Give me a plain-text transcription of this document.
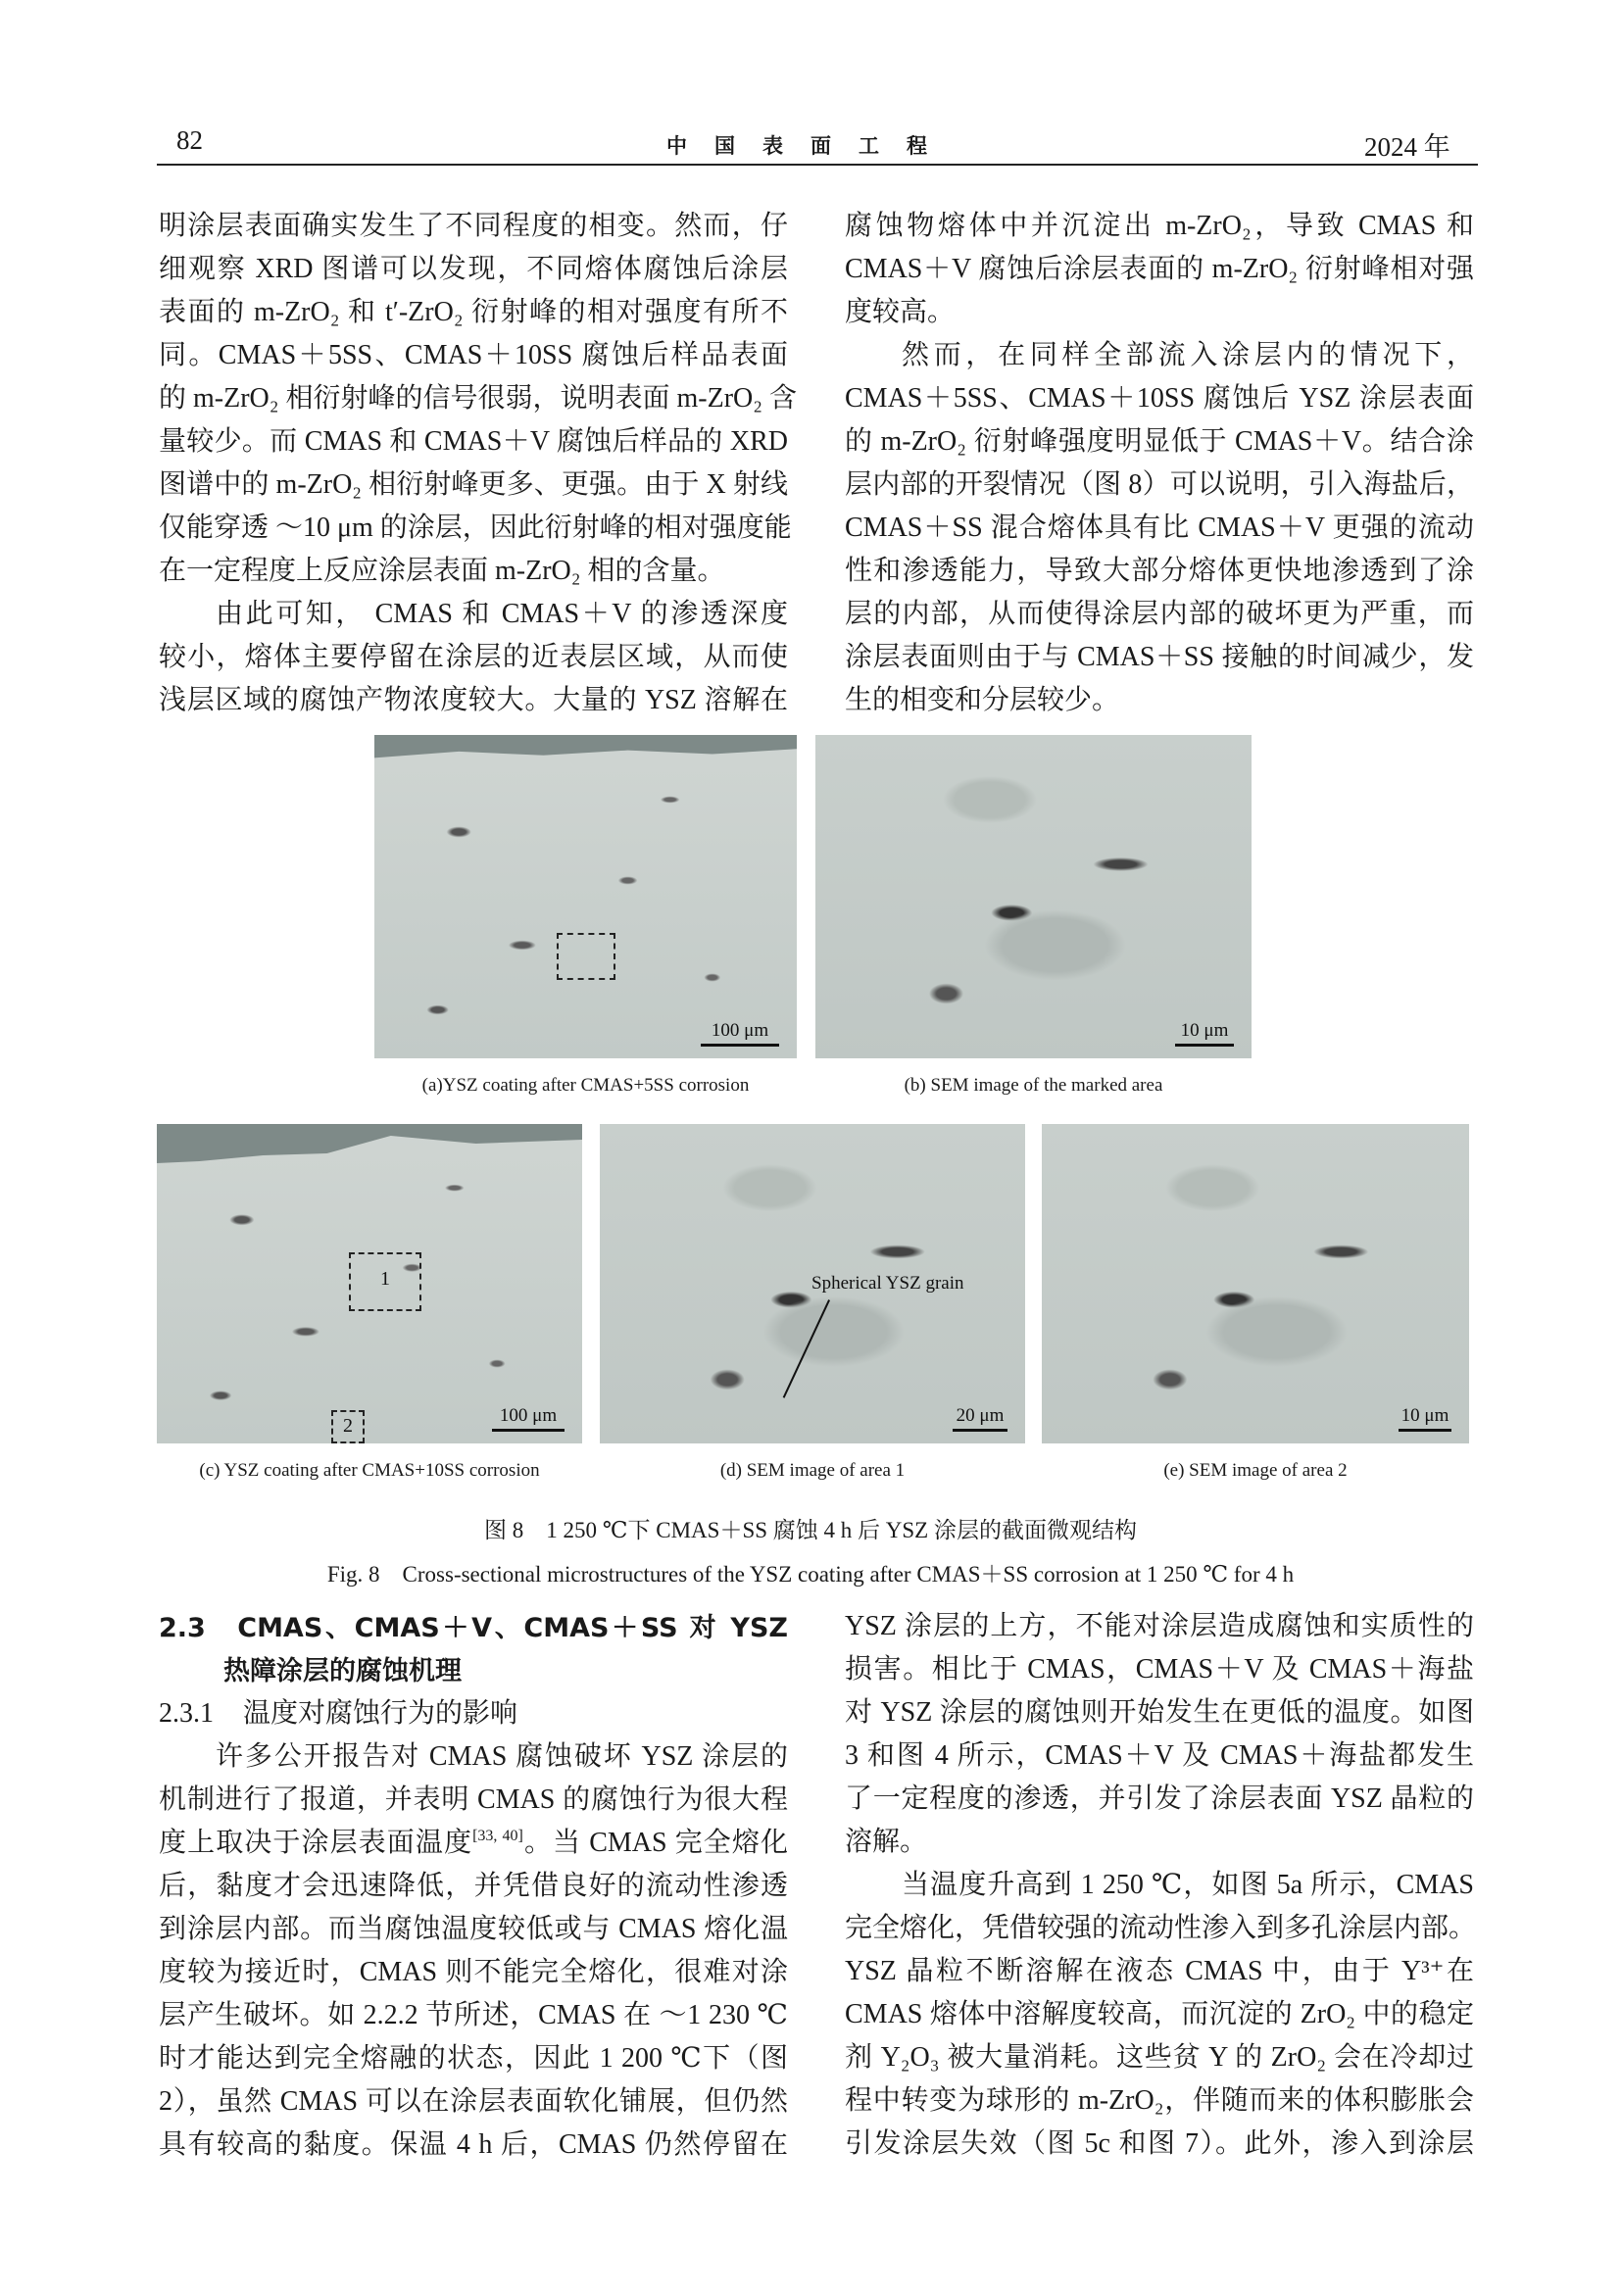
82	中国表面工程	2024 年
明涂层表面确实发生了不同程度的相变。然而，仔
细观察 XRD 图谱可以发现，不同熔体腐蚀后涂层
表面的 m-ZrO₂ 和 t′-ZrO₂ 衍射峰的相对强度有所不
同。CMAS＋5SS、CMAS＋10SS 腐蚀后样品表面
的 m-ZrO₂ 相衍射峰的信号很弱，说明表面 m-ZrO₂ 含
量较少。而 CMAS 和 CMAS＋V 腐蚀后样品的 XRD
图谱中的 m-ZrO₂ 相衍射峰更多、更强。由于 X 射线
仅能穿透 ～10 μm 的涂层，因此衍射峰的相对强度能
在一定程度上反应涂层表面 m-ZrO₂ 相的含量。
由此可知， CMAS 和 CMAS＋V 的渗透深度
较小，熔体主要停留在涂层的近表层区域，从而使
浅层区域的腐蚀产物浓度较大。大量的 YSZ 溶解在
腐蚀物熔体中并沉淀出 m-ZrO₂，导致 CMAS 和
CMAS＋V 腐蚀后涂层表面的 m-ZrO₂ 衍射峰相对强
度较高。
然而，在同样全部流入涂层内的情况下，
CMAS＋5SS、CMAS＋10SS 腐蚀后 YSZ 涂层表面
的 m-ZrO₂ 衍射峰强度明显低于 CMAS＋V。结合涂
层内部的开裂情况（图 8）可以说明，引入海盐后，
CMAS＋SS 混合熔体具有比 CMAS＋V 更强的流动
性和渗透能力，导致大部分熔体更快地渗透到了涂
层的内部，从而使得涂层内部的破坏更为严重，而
涂层表面则由于与 CMAS＋SS 接触的时间减少，发
生的相变和分层较少。
100 μm	10 μm
(a)YSZ coating after CMAS+5SS corrosion	(b) SEM image of the marked area
1
2	100 μm
Spherical YSZ grain
20 μm	10 μm
(c) YSZ coating after CMAS+10SS corrosion	(d) SEM image of area 1	(e) SEM image of area 2
图 8　1 250 ℃下 CMAS＋SS 腐蚀 4 h 后 YSZ 涂层的截面微观结构
Fig. 8　Cross-sectional microstructures of the YSZ coating after CMAS＋SS corrosion at 1 250 ℃ for 4 h
2.3　 CMAS、CMAS＋V、CMAS＋SS 对 YSZ
热障涂层的腐蚀机理
2.3.1 温度对腐蚀行为的影响
许多公开报告对 CMAS 腐蚀破坏 YSZ 涂层的
机制进行了报道，并表明 CMAS 的腐蚀行为很大程
度上取决于涂层表面温度[33, 40]。当 CMAS 完全熔化
后，黏度才会迅速降低，并凭借良好的流动性渗透
到涂层内部。而当腐蚀温度较低或与 CMAS 熔化温
度较为接近时，CMAS 则不能完全熔化，很难对涂
层产生破坏。如 2.2.2 节所述，CMAS 在 ～1 230 ℃
时才能达到完全熔融的状态，因此 1 200 ℃下（图
2），虽然 CMAS 可以在涂层表面软化铺展，但仍然
具有较高的黏度。保温 4 h 后，CMAS 仍然停留在
YSZ 涂层的上方，不能对涂层造成腐蚀和实质性的
损害。相比于 CMAS，CMAS＋V 及 CMAS＋海盐
对 YSZ 涂层的腐蚀则开始发生在更低的温度。如图
3 和图 4 所示，CMAS＋V 及 CMAS＋海盐都发生
了一定程度的渗透，并引发了涂层表面 YSZ 晶粒的
溶解。
当温度升高到 1 250 ℃，如图 5a 所示，CMAS
完全熔化，凭借较强的流动性渗入到多孔涂层内部。
YSZ 晶粒不断溶解在液态 CMAS 中，由于 Y³⁺在
CMAS 熔体中溶解度较高，而沉淀的 ZrO₂ 中的稳定
剂 Y₂O₃ 被大量消耗。这些贫 Y 的 ZrO₂ 会在冷却过
程中转变为球形的 m-ZrO₂，伴随而来的体积膨胀会
引发涂层失效（图 5c 和图 7）。此外，渗入到涂层
